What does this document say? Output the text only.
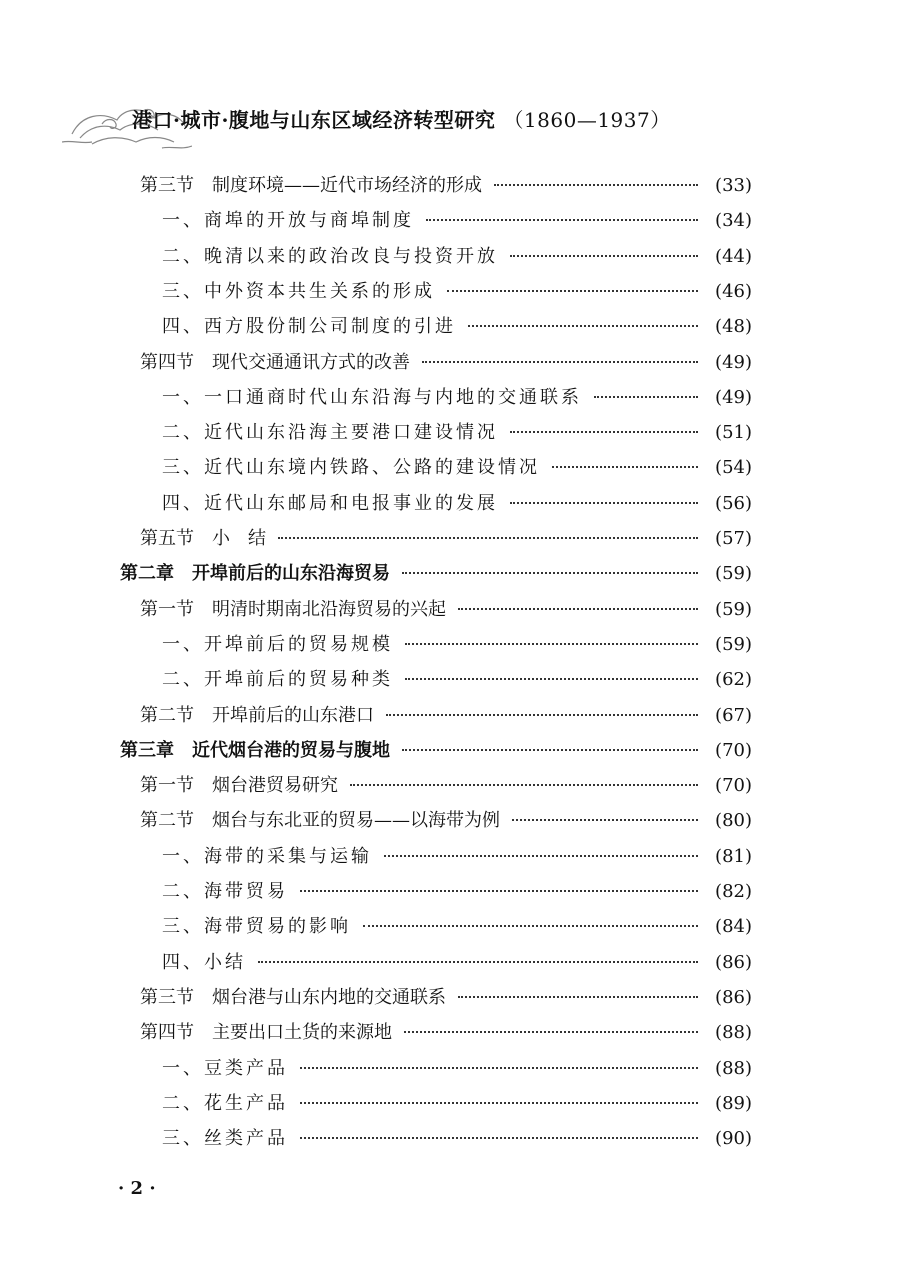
港口·城市·腹地与山东区域经济转型研究 （1860—1937）
第三节　制度环境——近代市场经济的形成	(33)
一、商埠的开放与商埠制度	(34)
二、晚清以来的政治改良与投资开放	(44)
三、中外资本共生关系的形成	(46)
四、西方股份制公司制度的引进	(48)
第四节　现代交通通讯方式的改善	(49)
一、一口通商时代山东沿海与内地的交通联系	(49)
二、近代山东沿海主要港口建设情况	(51)
三、近代山东境内铁路、公路的建设情况	(54)
四、近代山东邮局和电报事业的发展	(56)
第五节　小　结	(57)
第二章　开埠前后的山东沿海贸易	(59)
第一节　明清时期南北沿海贸易的兴起	(59)
一、开埠前后的贸易规模	(59)
二、开埠前后的贸易种类	(62)
第二节　开埠前后的山东港口	(67)
第三章　近代烟台港的贸易与腹地	(70)
第一节　烟台港贸易研究	(70)
第二节　烟台与东北亚的贸易——以海带为例	(80)
一、海带的采集与运输	(81)
二、海带贸易	(82)
三、海带贸易的影响	(84)
四、小结	(86)
第三节　烟台港与山东内地的交通联系	(86)
第四节　主要出口土货的来源地	(88)
一、豆类产品	(88)
二、花生产品	(89)
三、丝类产品	(90)
· 2 ·
